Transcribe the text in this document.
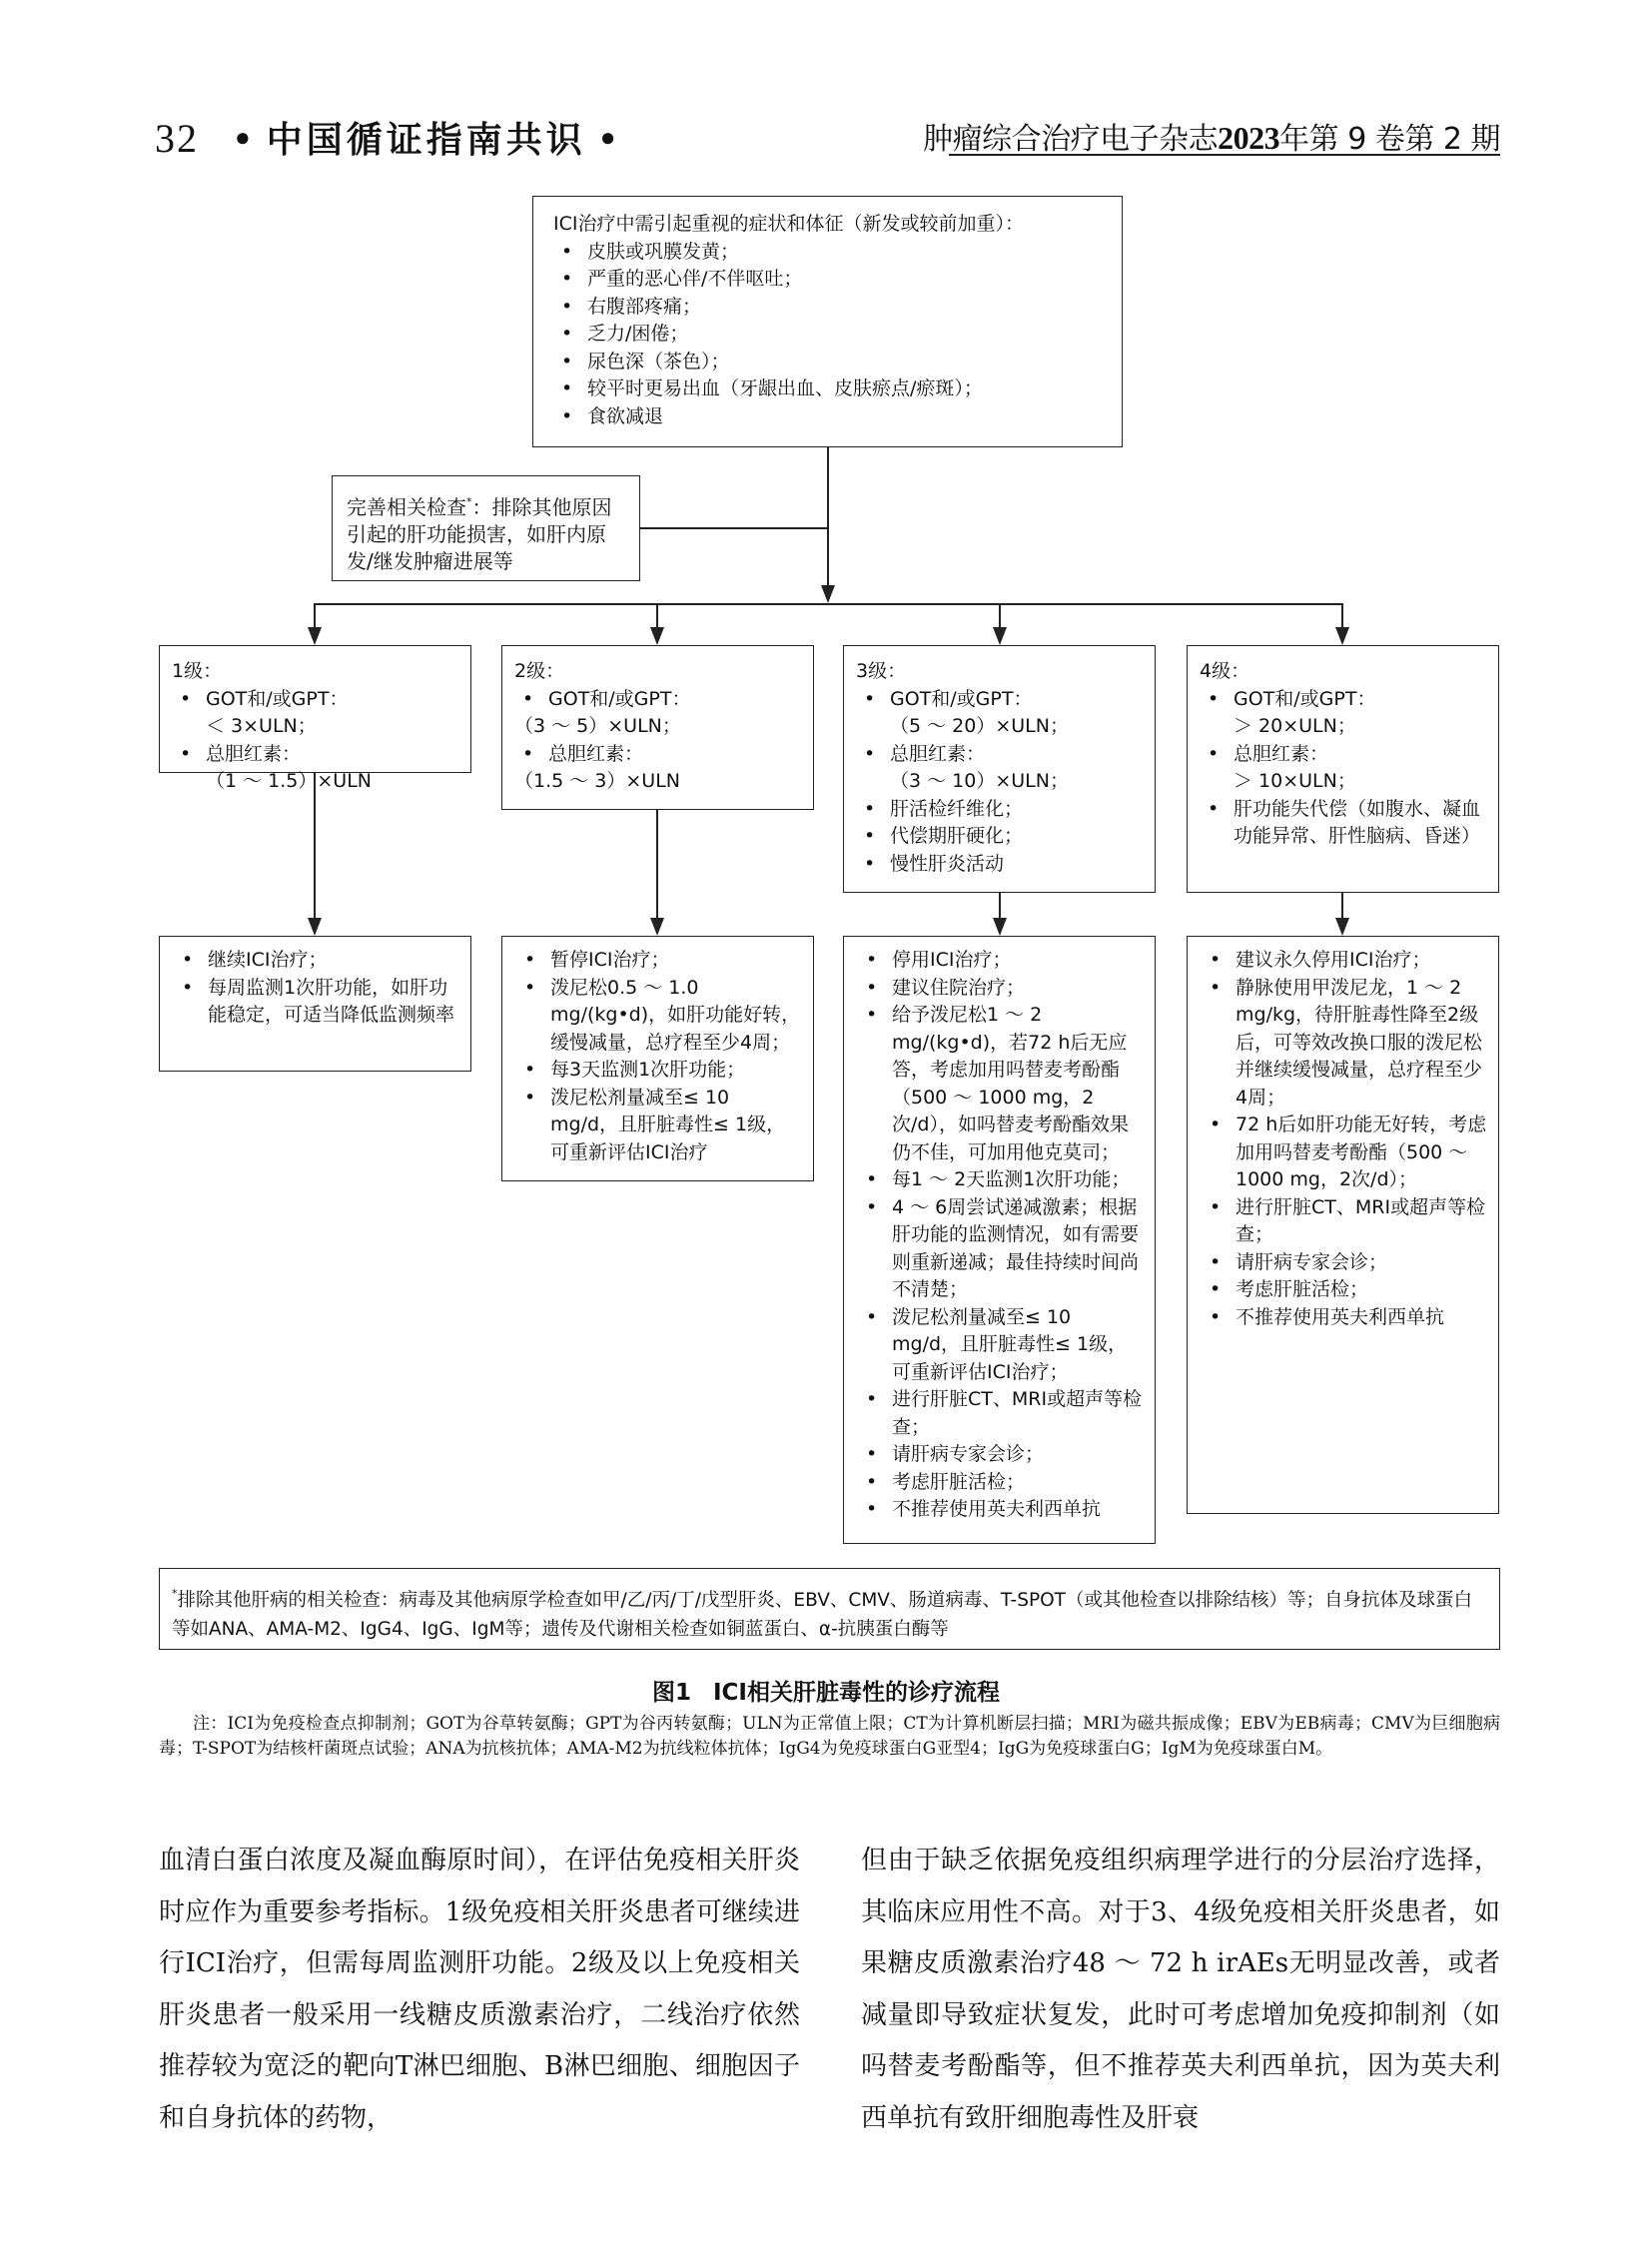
32 ● 中国循证指南共识 ●	肿瘤综合治疗电子杂志2023年第 9 卷第 2 期
ICI治疗中需引起重视的症状和体征（新发或较前加重）：
• 皮肤或巩膜发黄；
• 严重的恶心伴/不伴呕吐；
• 右腹部疼痛；
• 乏力/困倦；
• 尿色深（茶色）；
• 较平时更易出血（牙龈出血、皮肤瘀点/瘀斑）；
• 食欲减退
完善相关检查*：排除其他原因引起的肝功能损害，如肝内原发/继发肿瘤进展等
1级：
• GOT和/或GPT：
＜ 3×ULN；
• 总胆红素：
（1 ～ 1.5）×ULN
2级：
• GOT和/或GPT：
（3 ～ 5）×ULN；
• 总胆红素：
（1.5 ～ 3）×ULN
3级：
• GOT和/或GPT：
（5 ～ 20）×ULN；
• 总胆红素：
（3 ～ 10）×ULN；
• 肝活检纤维化；
• 代偿期肝硬化；
• 慢性肝炎活动
4级：
• GOT和/或GPT：
＞ 20×ULN；
• 总胆红素：
＞ 10×ULN；
• 肝功能失代偿（如腹水、凝血功能异常、肝性脑病、昏迷）
• 继续ICI治疗；
• 每周监测1次肝功能，如肝功能稳定，可适当降低监测频率
• 暂停ICI治疗；
• 泼尼松0.5 ～ 1.0 mg/(kg•d)，如肝功能好转，缓慢减量，总疗程至少4周；
• 每3天监测1次肝功能；
• 泼尼松剂量减至≤ 10 mg/d，且肝脏毒性≤ 1级，可重新评估ICI治疗
• 停用ICI治疗；
• 建议住院治疗；
• 给予泼尼松1 ～ 2 mg/(kg•d)，若72 h后无应答，考虑加用吗替麦考酚酯（500 ～ 1000 mg，2次/d），如吗替麦考酚酯效果仍不佳，可加用他克莫司；
• 每1 ～ 2天监测1次肝功能；
• 4 ～ 6周尝试递减激素；根据肝功能的监测情况，如有需要则重新递减；最佳持续时间尚不清楚；
• 泼尼松剂量减至≤ 10 mg/d，且肝脏毒性≤ 1级，可重新评估ICI治疗；
• 进行肝脏CT、MRI或超声等检查；
• 请肝病专家会诊；
• 考虑肝脏活检；
• 不推荐使用英夫利西单抗
• 建议永久停用ICI治疗；
• 静脉使用甲泼尼龙，1 ～ 2 mg/kg，待肝脏毒性降至2级后，可等效改换口服的泼尼松并继续缓慢减量，总疗程至少4周；
• 72 h后如肝功能无好转，考虑加用吗替麦考酚酯（500 ～ 1000 mg，2次/d）；
• 进行肝脏CT、MRI或超声等检查；
• 请肝病专家会诊；
• 考虑肝脏活检；
• 不推荐使用英夫利西单抗
*排除其他肝病的相关检查：病毒及其他病原学检查如甲/乙/丙/丁/戊型肝炎、EBV、CMV、肠道病毒、T-SPOT（或其他检查以排除结核）等；自身抗体及球蛋白等如ANA、AMA-M2、IgG4、IgG、IgM等；遗传及代谢相关检查如铜蓝蛋白、α-抗胰蛋白酶等
图1 ICI相关肝脏毒性的诊疗流程
注：ICI为免疫检查点抑制剂；GOT为谷草转氨酶；GPT为谷丙转氨酶；ULN为正常值上限；CT为计算机断层扫描；MRI为磁共振成像；EBV为EB病毒；CMV为巨细胞病毒；T-SPOT为结核杆菌斑点试验；ANA为抗核抗体；AMA-M2为抗线粒体抗体；IgG4为免疫球蛋白G亚型4；IgG为免疫球蛋白G；IgM为免疫球蛋白M。
血清白蛋白浓度及凝血酶原时间），在评估免疫相关肝炎时应作为重要参考指标。1级免疫相关肝炎患者可继续进行ICI治疗，但需每周监测肝功能。2级及以上免疫相关肝炎患者一般采用一线糖皮质激素治疗，二线治疗依然推荐较为宽泛的靶向T淋巴细胞、B淋巴细胞、细胞因子和自身抗体的药物，
但由于缺乏依据免疫组织病理学进行的分层治疗选择，其临床应用性不高。对于3、4级免疫相关肝炎患者，如果糖皮质激素治疗48 ～ 72 h irAEs无明显改善，或者减量即导致症状复发，此时可考虑增加免疫抑制剂（如吗替麦考酚酯等，但不推荐英夫利西单抗，因为英夫利西单抗有致肝细胞毒性及肝衰
